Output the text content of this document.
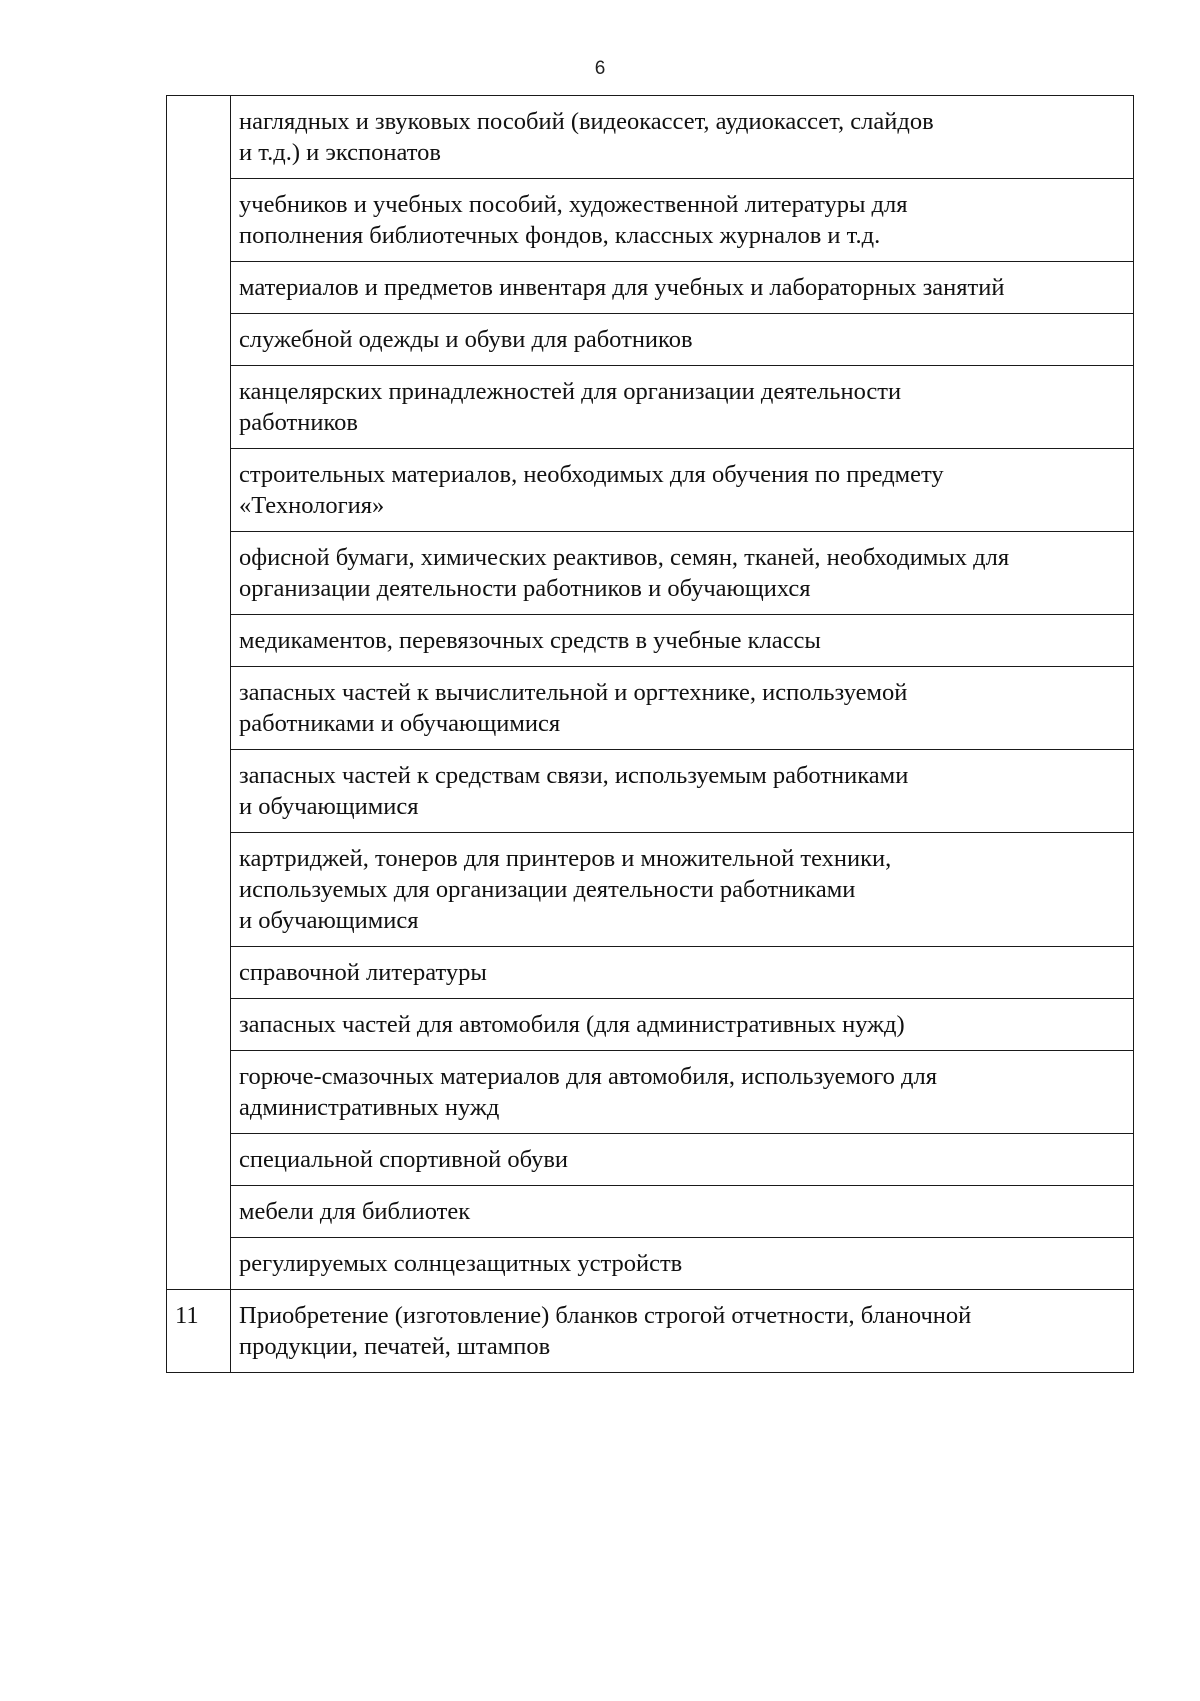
6

	наглядных и звуковых пособий (видеокассет, аудиокассет, слайдов
и т.д.) и экспонатов

	учебников и учебных пособий, художественной литературы для
пополнения библиотечных фондов, классных журналов и т.д.

	материалов и предметов инвентаря для учебных и лабораторных занятий

	служебной одежды и обуви для работников

	канцелярских принадлежностей для организации деятельности
работников

	строительных материалов, необходимых для обучения по предмету
«Технология»

	офисной бумаги, химических реактивов, семян, тканей, необходимых для
организации деятельности работников и обучающихся

	медикаментов, перевязочных средств в учебные классы

	запасных частей к вычислительной и оргтехнике, используемой
работниками и обучающимися

	запасных частей к средствам связи, используемым работниками
и обучающимися

	картриджей, тонеров для принтеров и множительной техники,
используемых для организации деятельности работниками
и обучающимися

	справочной литературы

	запасных частей для автомобиля (для административных нужд)

	горюче-смазочных материалов для автомобиля, используемого для
административных нужд

	специальной спортивной обуви

	мебели для библиотек

	регулируемых солнцезащитных устройств

11	Приобретение (изготовление) бланков строгой отчетности, бланочной
продукции, печатей, штампов
